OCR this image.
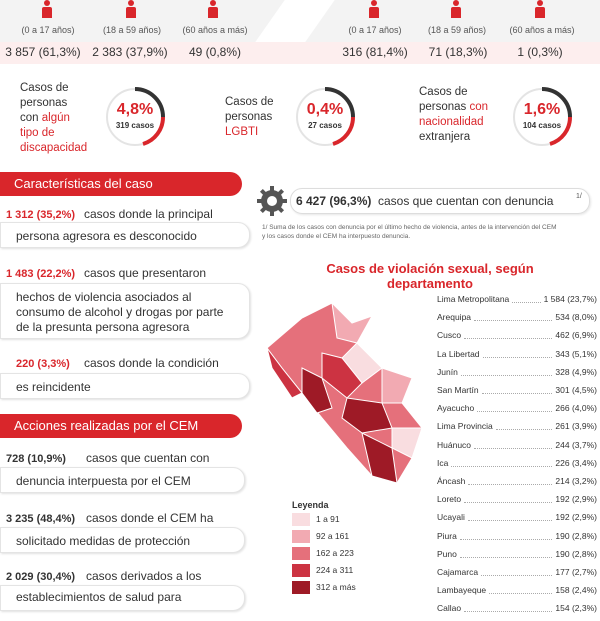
(0 a 17 años)	(18 a 59 años)	(60 años a más)	(0 a 17 años)	(18 a 59 años)	(60 años a más)
3 857 (61,3%) 2 383 (37,9%)	49 (0,8%)	316 (81,4%)	71 (18,3%)	1 (0,3%)
Casos de
personas
con algún
tipo de
discapacidad
4,8%
319 casos
Casos de
personas
LGBTI
0,4%
27 casos
Casos de
personas con
nacionalidad
extranjera
1,6%
104 casos
Características del caso
1 312 (35,2%) casos donde la principal
persona agresora es desconocido
1 483 (22,2%) casos que presentaron
hechos de violencia asociados al
consumo de alcohol y drogas por parte
de la presunta persona agresora
220 (3,3%) casos donde la condición
es reincidente
Acciones realizadas por el CEM
728 (10,9%) casos que cuentan con
denuncia interpuesta por el CEM
3 235 (48,4%) casos donde el CEM ha
solicitado medidas de protección
2 029 (30,4%) casos derivados a los
establecimientos de salud para
6 427 (96,3%) casos que cuentan con denuncia	1/
1/ Suma de los casos con denuncia por el último hecho de violencia, antes de la intervención del CEM
y los casos donde el CEM ha interpuesto denuncia.
Casos de violación sexual, según
departamento
Leyenda
1 a 91
92 a 161
162 a 223
224 a 311
312 a más
Lima Metropolitana	1 584 (23,7%)
Arequipa	534 (8,0%)
Cusco	462 (6,9%)
La Libertad	343 (5,1%)
Junín	328 (4,9%)
San Martín	301 (4,5%)
Ayacucho	266 (4,0%)
Lima Provincia	261 (3,9%)
Huánuco	244 (3,7%)
Ica	226 (3,4%)
Áncash	214 (3,2%)
Loreto	192 (2,9%)
Ucayali	192 (2,9%)
Piura	190 (2,8%)
Puno	190 (2,8%)
Cajamarca	177 (2,7%)
Lambayeque	158 (2,4%)
Callao	154 (2,3%)
